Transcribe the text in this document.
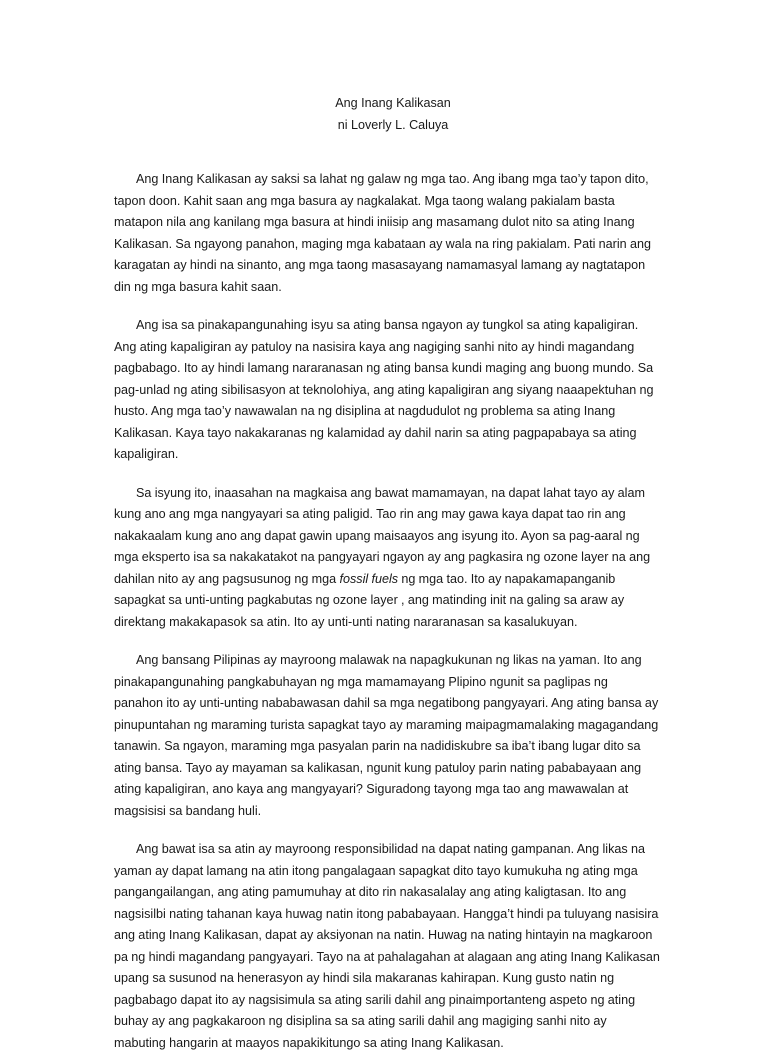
Ang Inang Kalikasan
ni Loverly L. Caluya

Ang Inang Kalikasan ay saksi sa lahat ng galaw ng mga tao. Ang ibang mga tao’y tapon dito, tapon doon. Kahit saan ang mga basura ay nagkalakat. Mga taong walang pakialam basta matapon nila ang kanilang mga basura at hindi iniisip ang masamang dulot nito sa ating Inang Kalikasan. Sa ngayong panahon, maging mga kabataan ay wala na ring pakialam. Pati narin ang karagatan ay hindi na sinanto, ang mga taong masasayang namamasyal lamang ay nagtatapon din ng mga basura kahit saan.

Ang isa sa pinakapangunahing isyu sa ating bansa ngayon ay tungkol sa ating kapaligiran. Ang ating kapaligiran ay patuloy na nasisira kaya ang nagiging sanhi nito ay hindi magandang pagbabago. Ito ay hindi lamang nararanasan ng ating bansa kundi maging ang buong mundo. Sa pag-unlad ng ating sibilisasyon at teknolohiya, ang ating kapaligiran ang siyang naaapektuhan ng husto. Ang mga tao’y nawawalan na ng disiplina at nagdudulot ng problema sa ating Inang Kalikasan. Kaya tayo nakakaranas ng kalamidad ay dahil narin sa ating pagpapabaya sa ating kapaligiran.

Sa isyung ito, inaasahan na magkaisa ang bawat mamamayan, na dapat lahat tayo ay alam kung ano ang mga nangyayari sa ating paligid. Tao rin ang may gawa kaya dapat tao rin ang nakakaalam kung ano ang dapat gawin upang maisaayos ang isyung ito. Ayon sa pag-aaral ng mga eksperto isa sa nakakatakot na pangyayari ngayon ay ang pagkasira ng ozone layer na ang dahilan nito ay ang pagsusunog ng mga fossil fuels ng mga tao. Ito ay napakamapanganib sapagkat sa unti-unting pagkabutas ng ozone layer , ang matinding init na galing sa araw ay direktang makakapasok sa atin. Ito ay unti-unti nating nararanasan sa kasalukuyan.

Ang bansang Pilipinas ay mayroong malawak na napagkukunan ng likas na yaman. Ito ang pinakapangunahing pangkabuhayan ng mga mamamayang Plipino ngunit sa paglipas ng panahon ito ay unti-unting nababawasan dahil sa mga negatibong pangyayari. Ang ating bansa ay pinupuntahan ng maraming turista sapagkat tayo ay maraming maipagmamalaking magagandang tanawin. Sa ngayon, maraming mga pasyalan parin na nadidiskubre sa iba’t ibang lugar dito sa ating bansa. Tayo ay mayaman sa kalikasan, ngunit kung patuloy parin nating pababayaan ang ating kapaligiran, ano kaya ang mangyayari? Siguradong tayong mga tao ang mawawalan at magsisisi sa bandang huli.

Ang bawat isa sa atin ay mayroong responsibilidad na dapat nating gampanan. Ang likas na yaman ay dapat lamang na atin itong pangalagaan sapagkat dito tayo kumukuha ng ating mga pangangailangan, ang ating pamumuhay at dito rin nakasalalay ang ating kaligtasan. Ito ang nagsisilbi nating tahanan kaya huwag natin itong pababayaan. Hangga’t hindi pa tuluyang nasisira ang ating Inang Kalikasan, dapat ay aksiyonan na natin. Huwag na nating hintayin na magkaroon pa ng hindi magandang pangyayari. Tayo na at pahalagahan at alagaan ang ating Inang Kalikasan upang sa susunod na henerasyon ay hindi sila makaranas kahirapan. Kung gusto natin ng pagbabago dapat ito ay nagsisimula sa ating sarili dahil ang pinaimportanteng aspeto ng ating buhay ay ang pagkakaroon ng disiplina sa sa ating sarili dahil ang magiging sanhi nito ay mabuting hangarin at maayos napakikitungo sa ating Inang Kalikasan.
